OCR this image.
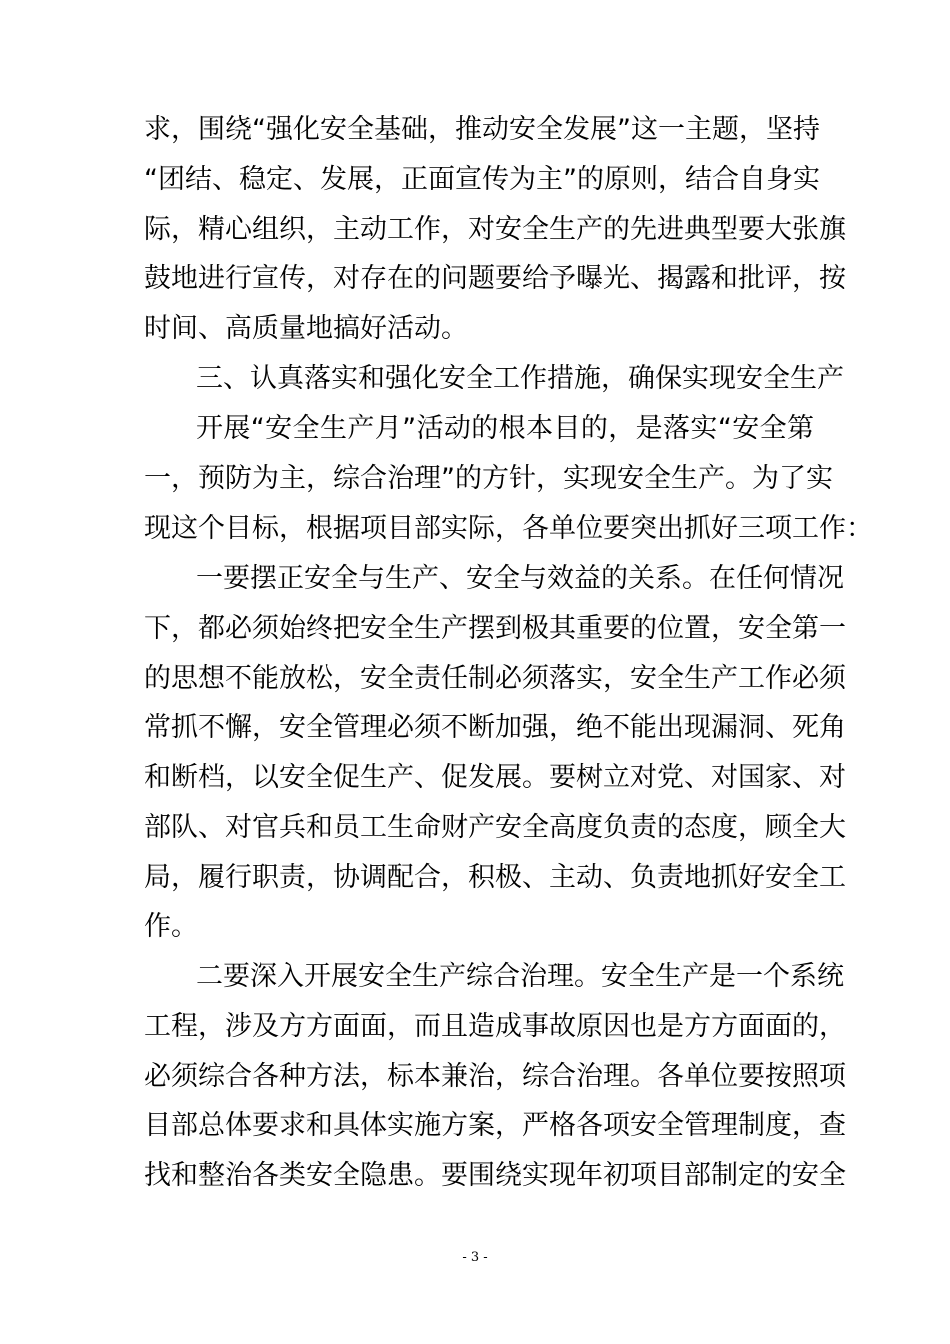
求，围绕“强化安全基础，推动安全发展”这一主题，坚持
“团结、稳定、发展，正面宣传为主”的原则，结合自身实
际，精心组织，主动工作，对安全生产的先进典型要大张旗
鼓地进行宣传，对存在的问题要给予曝光、揭露和批评，按
时间、高质量地搞好活动。
三、认真落实和强化安全工作措施，确保实现安全生产
开展“安全生产月”活动的根本目的，是落实“安全第
一，预防为主，综合治理”的方针，实现安全生产。为了实
现这个目标，根据项目部实际，各单位要突出抓好三项工作：
一要摆正安全与生产、安全与效益的关系。在任何情况
下，都必须始终把安全生产摆到极其重要的位置，安全第一
的思想不能放松，安全责任制必须落实，安全生产工作必须
常抓不懈，安全管理必须不断加强，绝不能出现漏洞、死角
和断档，以安全促生产、促发展。要树立对党、对国家、对
部队、对官兵和员工生命财产安全高度负责的态度，顾全大
局，履行职责，协调配合，积极、主动、负责地抓好安全工
作。
二要深入开展安全生产综合治理。安全生产是一个系统
工程，涉及方方面面，而且造成事故原因也是方方面面的，
必须综合各种方法，标本兼治，综合治理。各单位要按照项
目部总体要求和具体实施方案，严格各项安全管理制度，查
找和整治各类安全隐患。要围绕实现年初项目部制定的安全
- 3 -
